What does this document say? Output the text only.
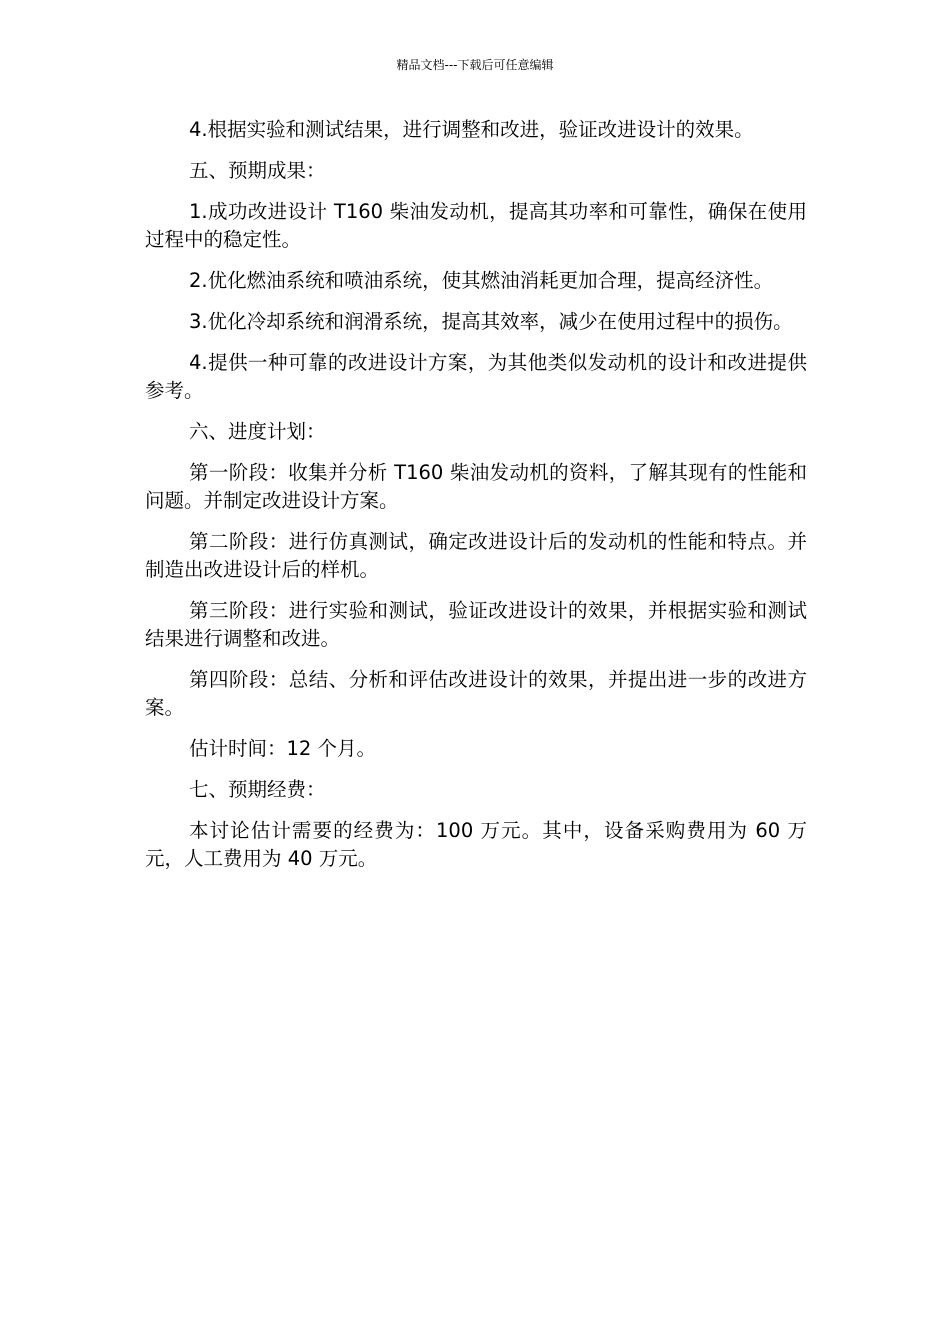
精品文档---下载后可任意编辑

4.根据实验和测试结果，进行调整和改进，验证改进设计的效果。

五、预期成果：

1.成功改进设计 T160 柴油发动机，提高其功率和可靠性，确保在使用过程中的稳定性。

2.优化燃油系统和喷油系统，使其燃油消耗更加合理，提高经济性。

3.优化冷却系统和润滑系统，提高其效率，减少在使用过程中的损伤。

4.提供一种可靠的改进设计方案，为其他类似发动机的设计和改进提供参考。

六、进度计划：

第一阶段：收集并分析 T160 柴油发动机的资料，了解其现有的性能和问题。并制定改进设计方案。

第二阶段：进行仿真测试，确定改进设计后的发动机的性能和特点。并制造出改进设计后的样机。

第三阶段：进行实验和测试，验证改进设计的效果，并根据实验和测试结果进行调整和改进。

第四阶段：总结、分析和评估改进设计的效果，并提出进一步的改进方案。

估计时间：12 个月。

七、预期经费：

本讨论估计需要的经费为：100 万元。其中，设备采购费用为 60 万元，人工费用为 40 万元。
